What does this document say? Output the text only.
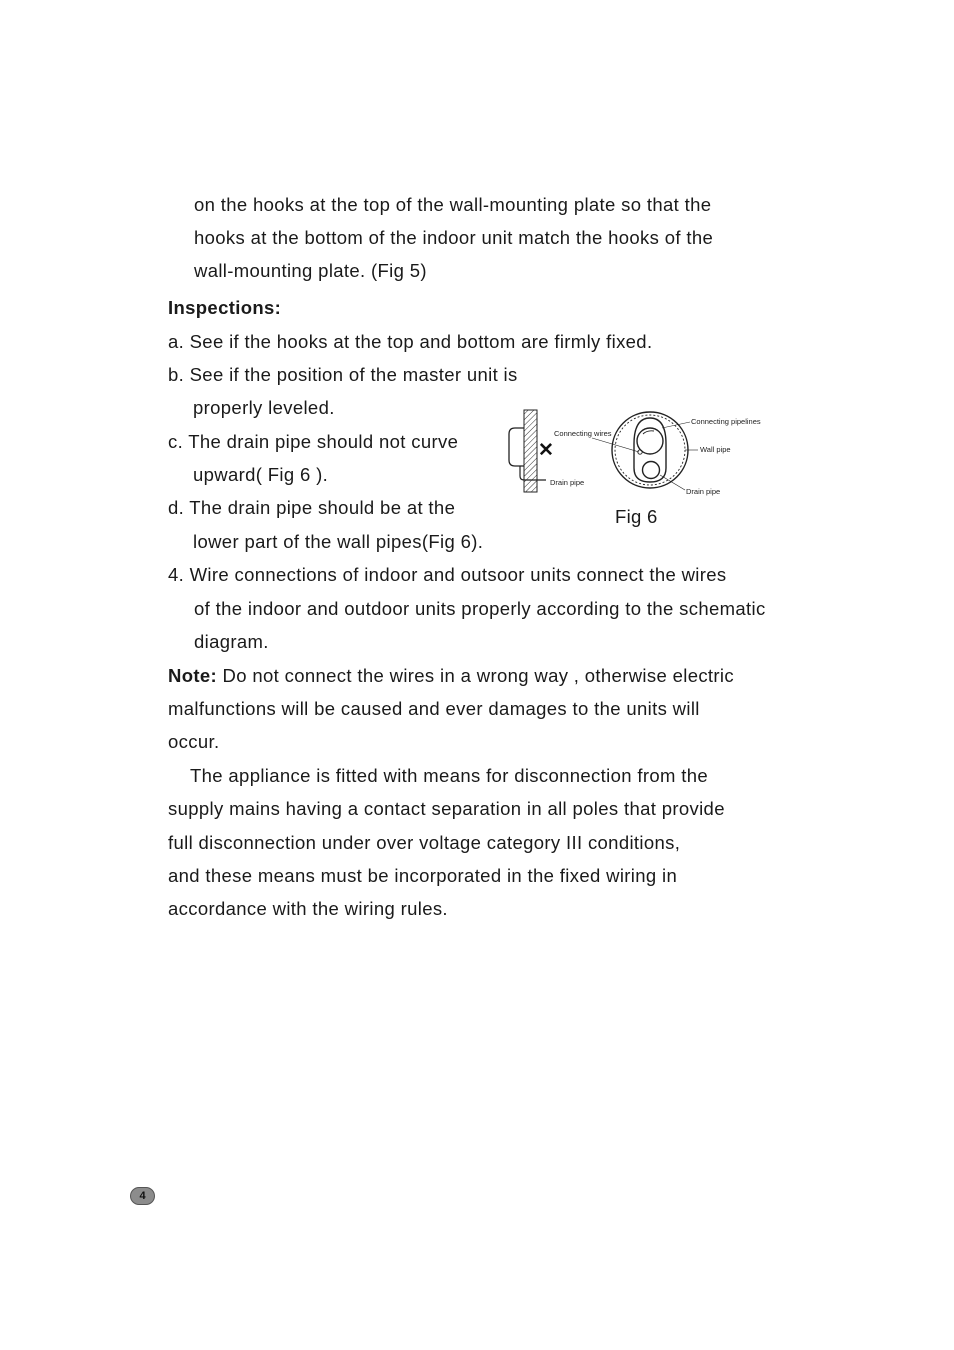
on the hooks at the top of the wall-mounting plate so that the
hooks at the bottom of the indoor unit match the hooks of the
wall-mounting plate. (Fig 5)
Inspections:
a. See if the hooks at the top and bottom are firmly fixed.
b. See if the position of the master unit is
properly leveled.
c. The drain pipe should not curve
upward( Fig 6 ).
d. The drain pipe should be at the
lower part of the wall pipes(Fig 6).
✕
Connecting wires
Drain pipe
Connecting pipelines
Wall pipe
Drain pipe
Fig 6
4. Wire connections of indoor and outsoor units connect the wires
of the indoor and outdoor units properly according to the schematic
diagram.
Note: Do not connect the wires in a wrong way , otherwise electric
malfunctions will be caused and ever damages to the units will
occur.
The appliance is fitted with means for disconnection from the
supply mains having a contact separation in all poles that provide
full disconnection under over voltage category III conditions,
and these means must be incorporated in the fixed wiring in
accordance with the wiring rules.
4
